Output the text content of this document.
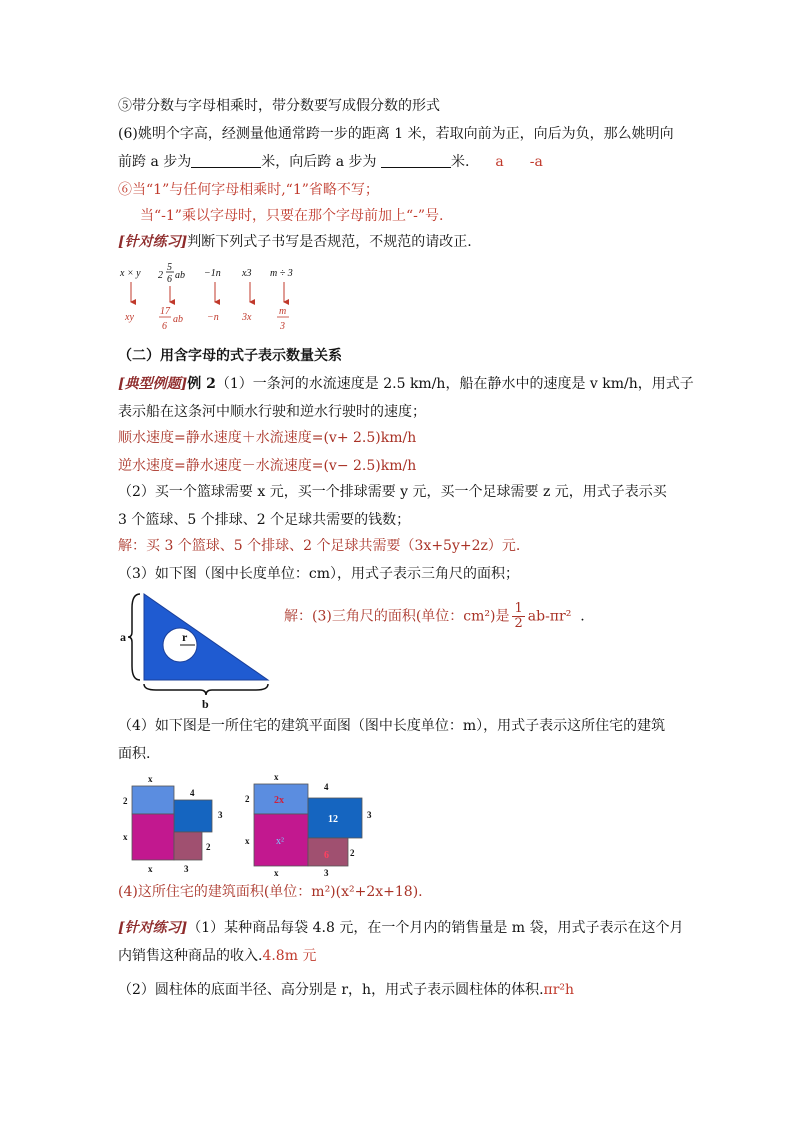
⑤带分数与字母相乘时，带分数要写成假分数的形式
(6)姚明个字高，经测量他通常跨一步的距离 1 米，若取向前为正，向后为负，那么姚明向
前跨 a 步为	米，向后跨 a 步为	米. a -a
⑥当“1”与任何字母相乘时,“1”省略不写；
当“-1”乘以字母时，只要在那个字母前加上“-”号.
[针对练习]判断下列式子书写是否规范，不规范的请改正.
x × y 2
5
6 ab −1n x3 m ÷ 3
xy
17
6
ab −n 3x
m
3
（二）用含字母的式子表示数量关系
[典型例题]例 2（1）一条河的水流速度是 2.5 km/h，船在静水中的速度是 v km/h，用式子
表示船在这条河中顺水行驶和逆水行驶时的速度；
顺水速度=静水速度＋水流速度=(v+ 2.5)km/h
逆水速度=静水速度－水流速度=(v− 2.5)km/h
（2）买一个篮球需要 x 元，买一个排球需要 y 元，买一个足球需要 z 元，用式子表示买
3 个篮球、5 个排球、2 个足球共需要的钱数；
解：买 3 个篮球、5 个排球、2 个足球共需要（3x+5y+2z）元.
（3）如下图（图中长度单位：cm），用式子表示三角尺的面积；
r
a
b
解：(3)三角尺的面积(单位：cm²)是 $\frac{1}{2} ab-\pi r^2$ .
（4）如下图是一所住宅的建筑平面图（图中长度单位：m），用式子表示这所住宅的建筑
面积.
x
2
4
3
x
2
x	3
x
2
4
3
x
2
x	3
2x
12
x²
6
(4)这所住宅的建筑面积(单位：m²)(x²+2x+18).
[针对练习]（1）某种商品每袋 4.8 元，在一个月内的销售量是 m 袋，用式子表示在这个月
内销售这种商品的收入.4.8m 元
（2）圆柱体的底面半径、高分别是 r，h，用式子表示圆柱体的体积.πr²h
